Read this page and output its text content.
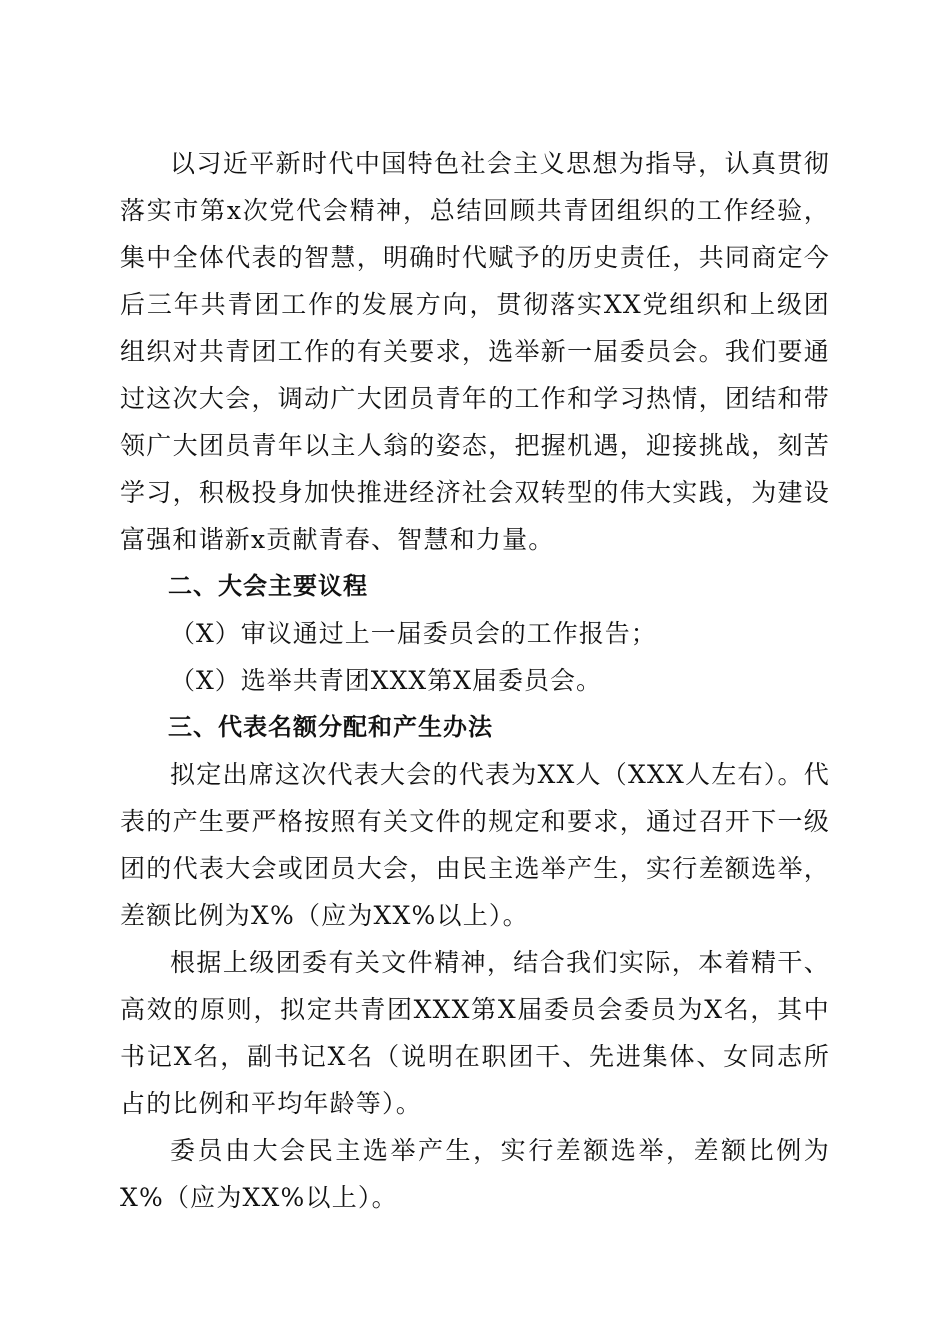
以习近平新时代中国特色社会主义思想为指导，认真贯彻落实市第x次党代会精神，总结回顾共青团组织的工作经验，集中全体代表的智慧，明确时代赋予的历史责任，共同商定今后三年共青团工作的发展方向，贯彻落实XX党组织和上级团组织对共青团工作的有关要求，选举新一届委员会。我们要通过这次大会，调动广大团员青年的工作和学习热情，团结和带领广大团员青年以主人翁的姿态，把握机遇，迎接挑战，刻苦学习，积极投身加快推进经济社会双转型的伟大实践，为建设富强和谐新x贡献青春、智慧和力量。

二、大会主要议程

（X）审议通过上一届委员会的工作报告；

（X）选举共青团XXX第X届委员会。

三、代表名额分配和产生办法

拟定出席这次代表大会的代表为XX人（XXX人左右）。代表的产生要严格按照有关文件的规定和要求，通过召开下一级团的代表大会或团员大会，由民主选举产生，实行差额选举，差额比例为X%（应为XX%以上）。

根据上级团委有关文件精神，结合我们实际，本着精干、高效的原则，拟定共青团XXX第X届委员会委员为X名，其中书记X名，副书记X名（说明在职团干、先进集体、女同志所占的比例和平均年龄等）。

委员由大会民主选举产生，实行差额选举，差额比例为X%（应为XX%以上）。
